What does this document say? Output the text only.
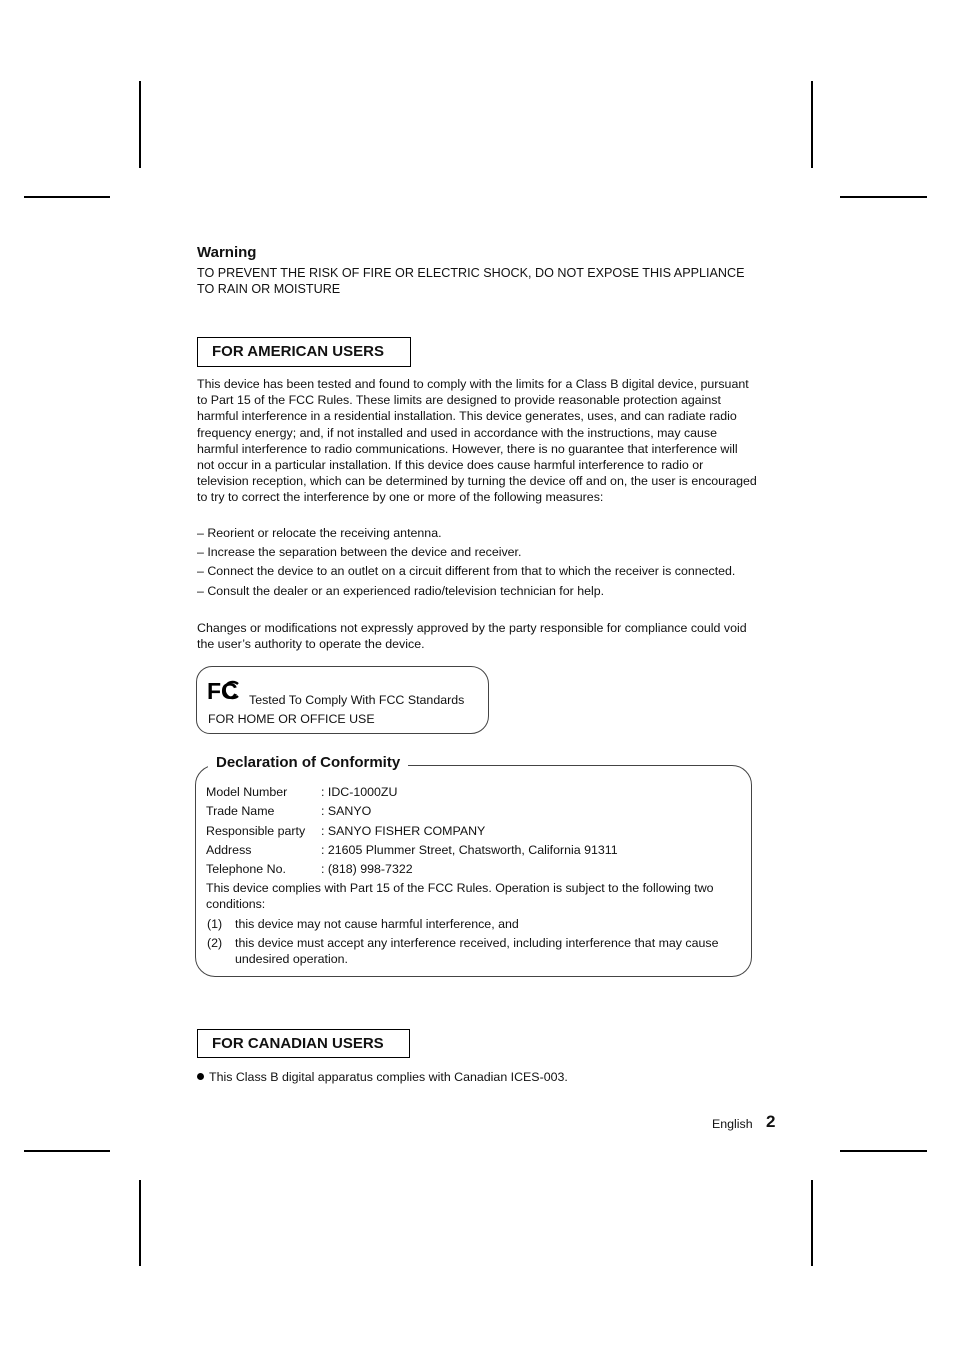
Warning
TO PREVENT THE RISK OF FIRE OR ELECTRIC SHOCK, DO NOT EXPOSE THIS APPLIANCE TO RAIN OR MOISTURE
FOR AMERICAN USERS
This device has been tested and found to comply with the limits for a Class B digital device, pursuant to Part 15 of the FCC Rules. These limits are designed to provide reasonable protection against harmful interference in a residential installation. This device generates, uses, and can radiate radio frequency energy; and, if not installed and used in accordance with the instructions, may cause harmful interference to radio communications. However, there is no guarantee that interference will not occur in a particular installation. If this device does cause harmful interference to radio or television reception, which can be determined by turning the device off and on, the user is encouraged to try to correct the interference by one or more of the following measures:
– Reorient or relocate the receiving antenna.
– Increase the separation between the device and receiver.
– Connect the device to an outlet on a circuit different from that to which the receiver is connected.
– Consult the dealer or an experienced radio/television technician for help.
Changes or modifications not expressly approved by the party responsible for compliance could void the user’s authority to operate the device.
FC Tested To Comply With FCC Standards
FOR HOME OR OFFICE USE
Declaration of Conformity
Model Number	: IDC-1000ZU
Trade Name	: SANYO
Responsible party : SANYO FISHER COMPANY
Address	: 21605 Plummer Street, Chatsworth, California 91311
Telephone No.	: (818) 998-7322
This device complies with Part 15 of the FCC Rules. Operation is subject to the following two conditions:
(1) this device may not cause harmful interference, and
(2) this device must accept any interference received, including interference that may cause undesired operation.
FOR CANADIAN USERS
This Class B digital apparatus complies with Canadian ICES-003.
English 2
